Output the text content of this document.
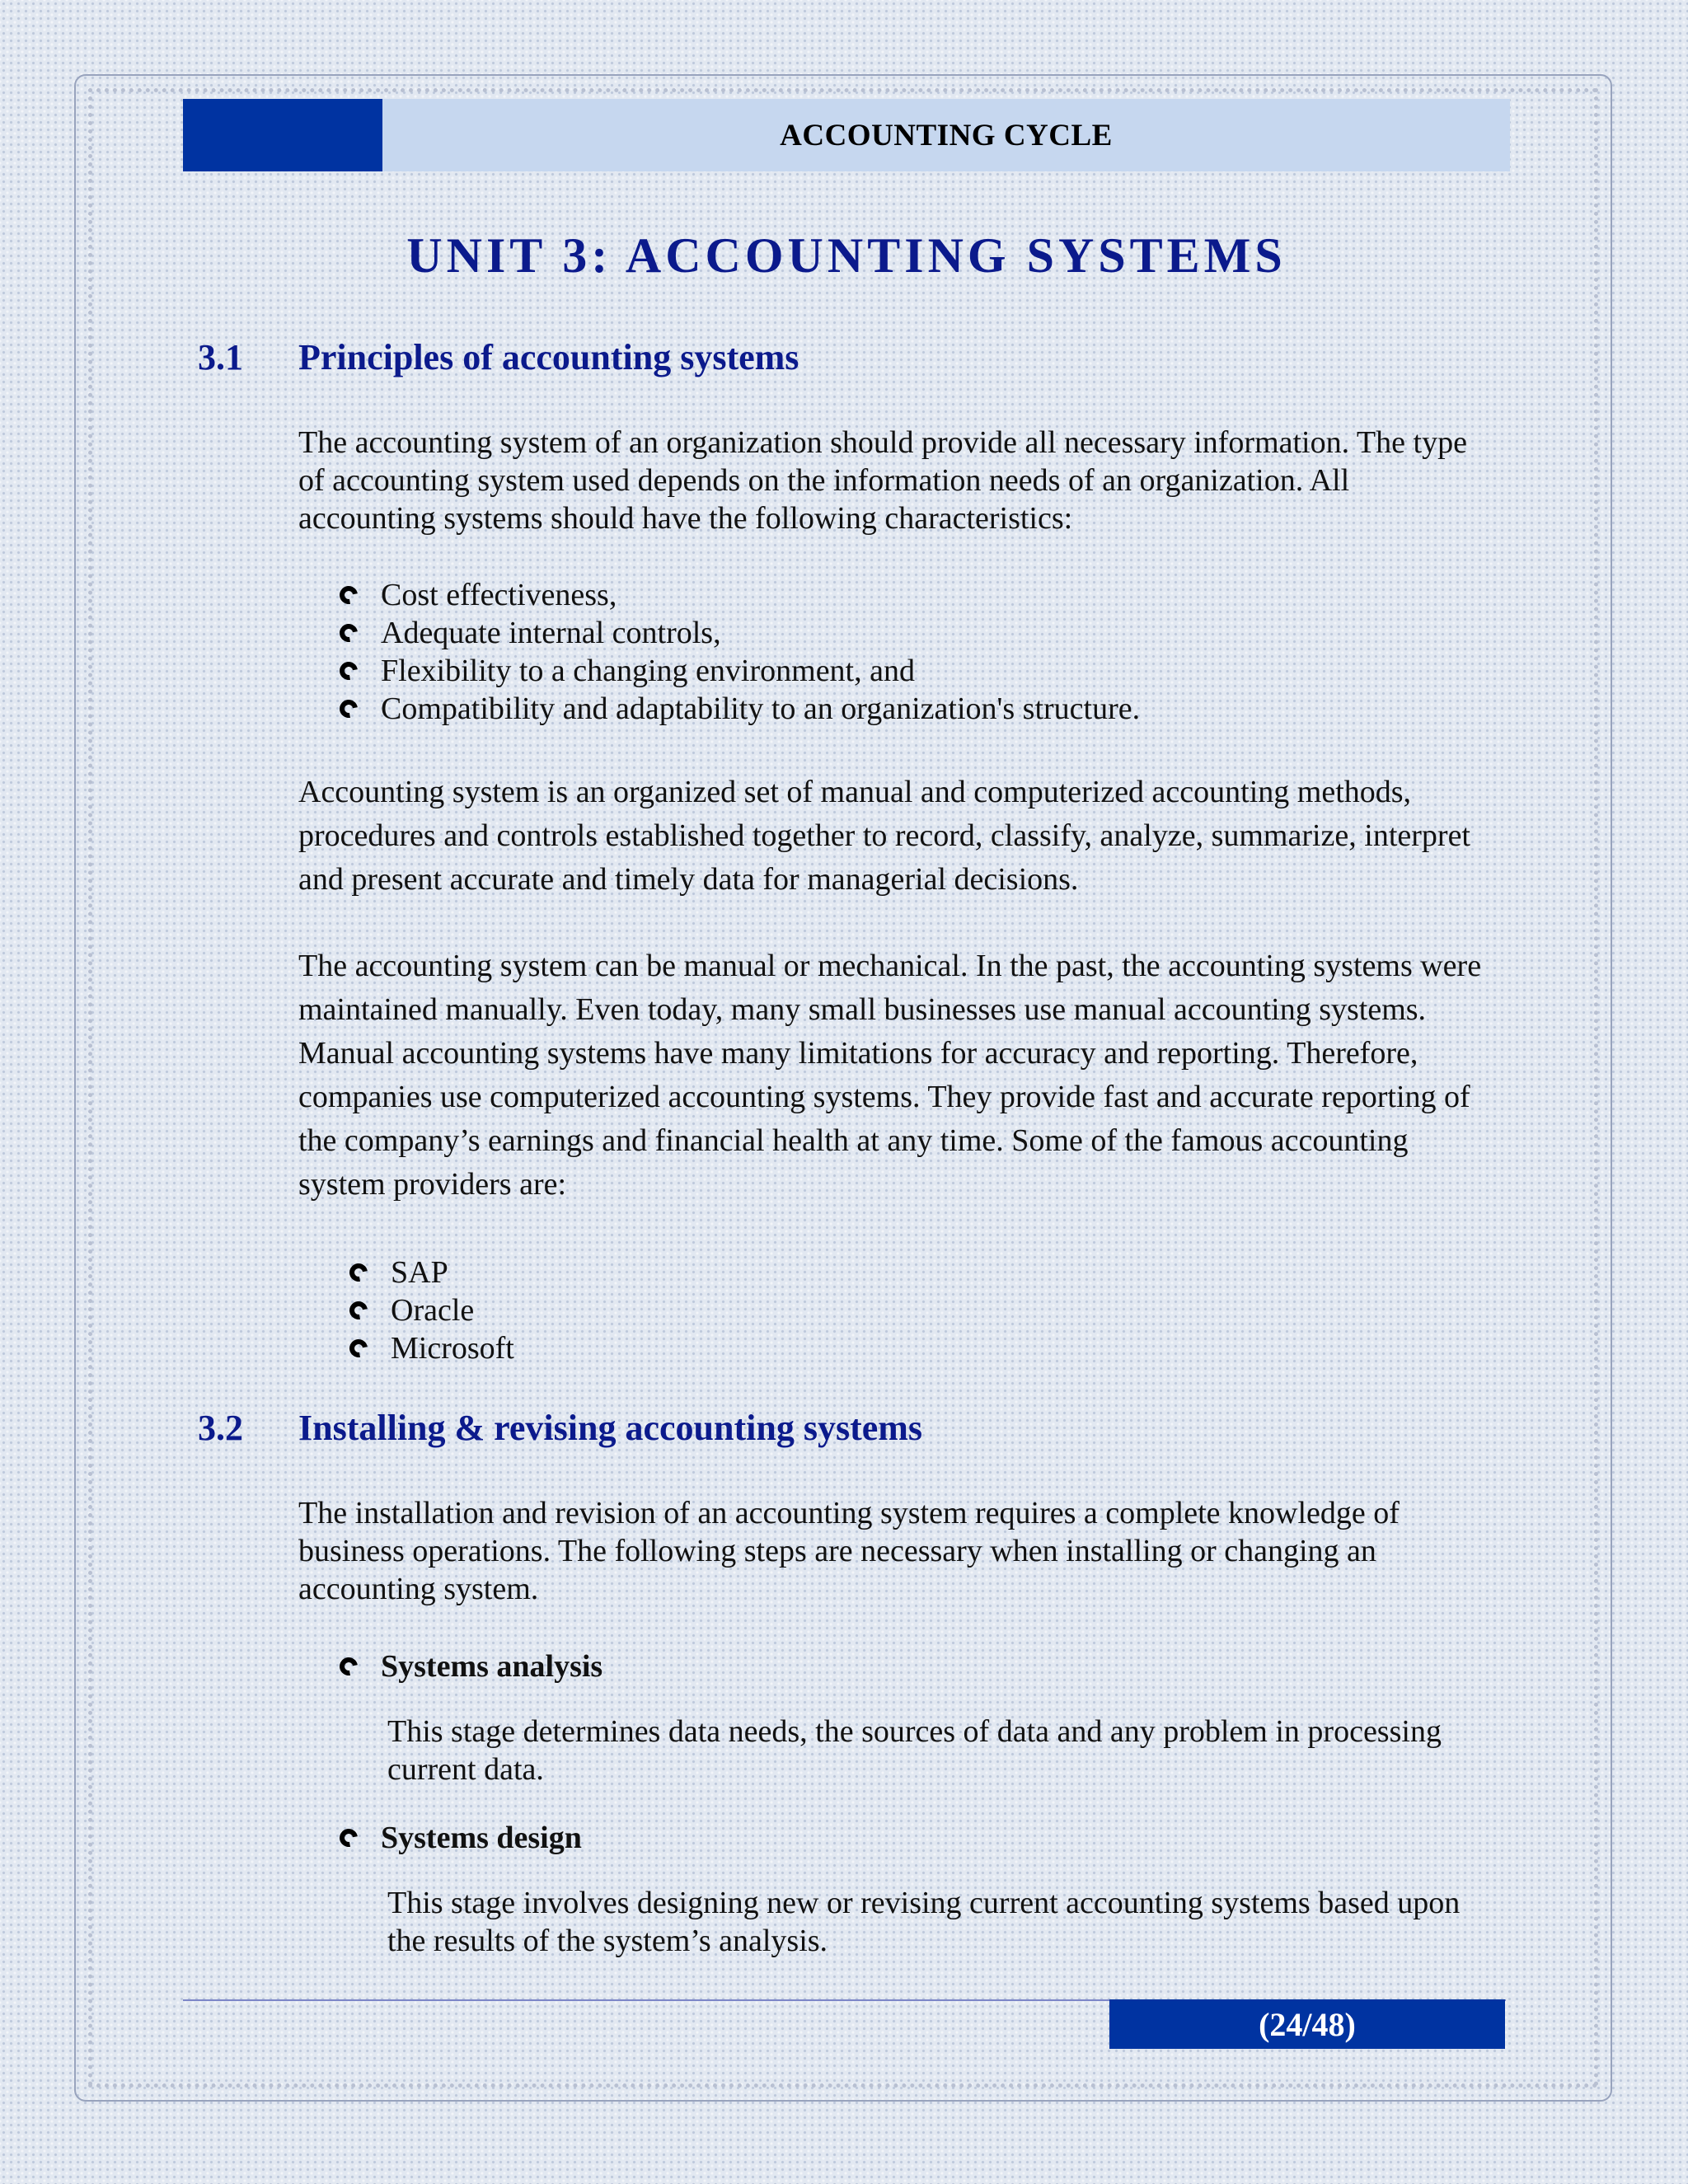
ACCOUNTING CYCLE
UNIT 3: ACCOUNTING SYSTEMS
3.1	Principles of accounting systems
The accounting system of an organization should provide all necessary information. The type of accounting system used depends on the information needs of an organization. All accounting systems should have the following characteristics:
Cost effectiveness,
Adequate internal controls,
Flexibility to a changing environment, and
Compatibility and adaptability to an organization's structure.
Accounting system is an organized set of manual and computerized accounting methods, procedures and controls established together to record, classify, analyze, summarize, interpret and present accurate and timely data for managerial decisions.
The accounting system can be manual or mechanical. In the past, the accounting systems were maintained manually. Even today, many small businesses use manual accounting systems. Manual accounting systems have many limitations for accuracy and reporting. Therefore, companies use computerized accounting systems. They provide fast and accurate reporting of the company’s earnings and financial health at any time. Some of the famous accounting system providers are:
SAP
Oracle
Microsoft
3.2	Installing & revising accounting systems
The installation and revision of an accounting system requires a complete knowledge of business operations. The following steps are necessary when installing or changing an accounting system.
Systems analysis
This stage determines data needs, the sources of data and any problem in processing current data.
Systems design
This stage involves designing new or revising current accounting systems based upon the results of the system’s analysis.
(24/48)
